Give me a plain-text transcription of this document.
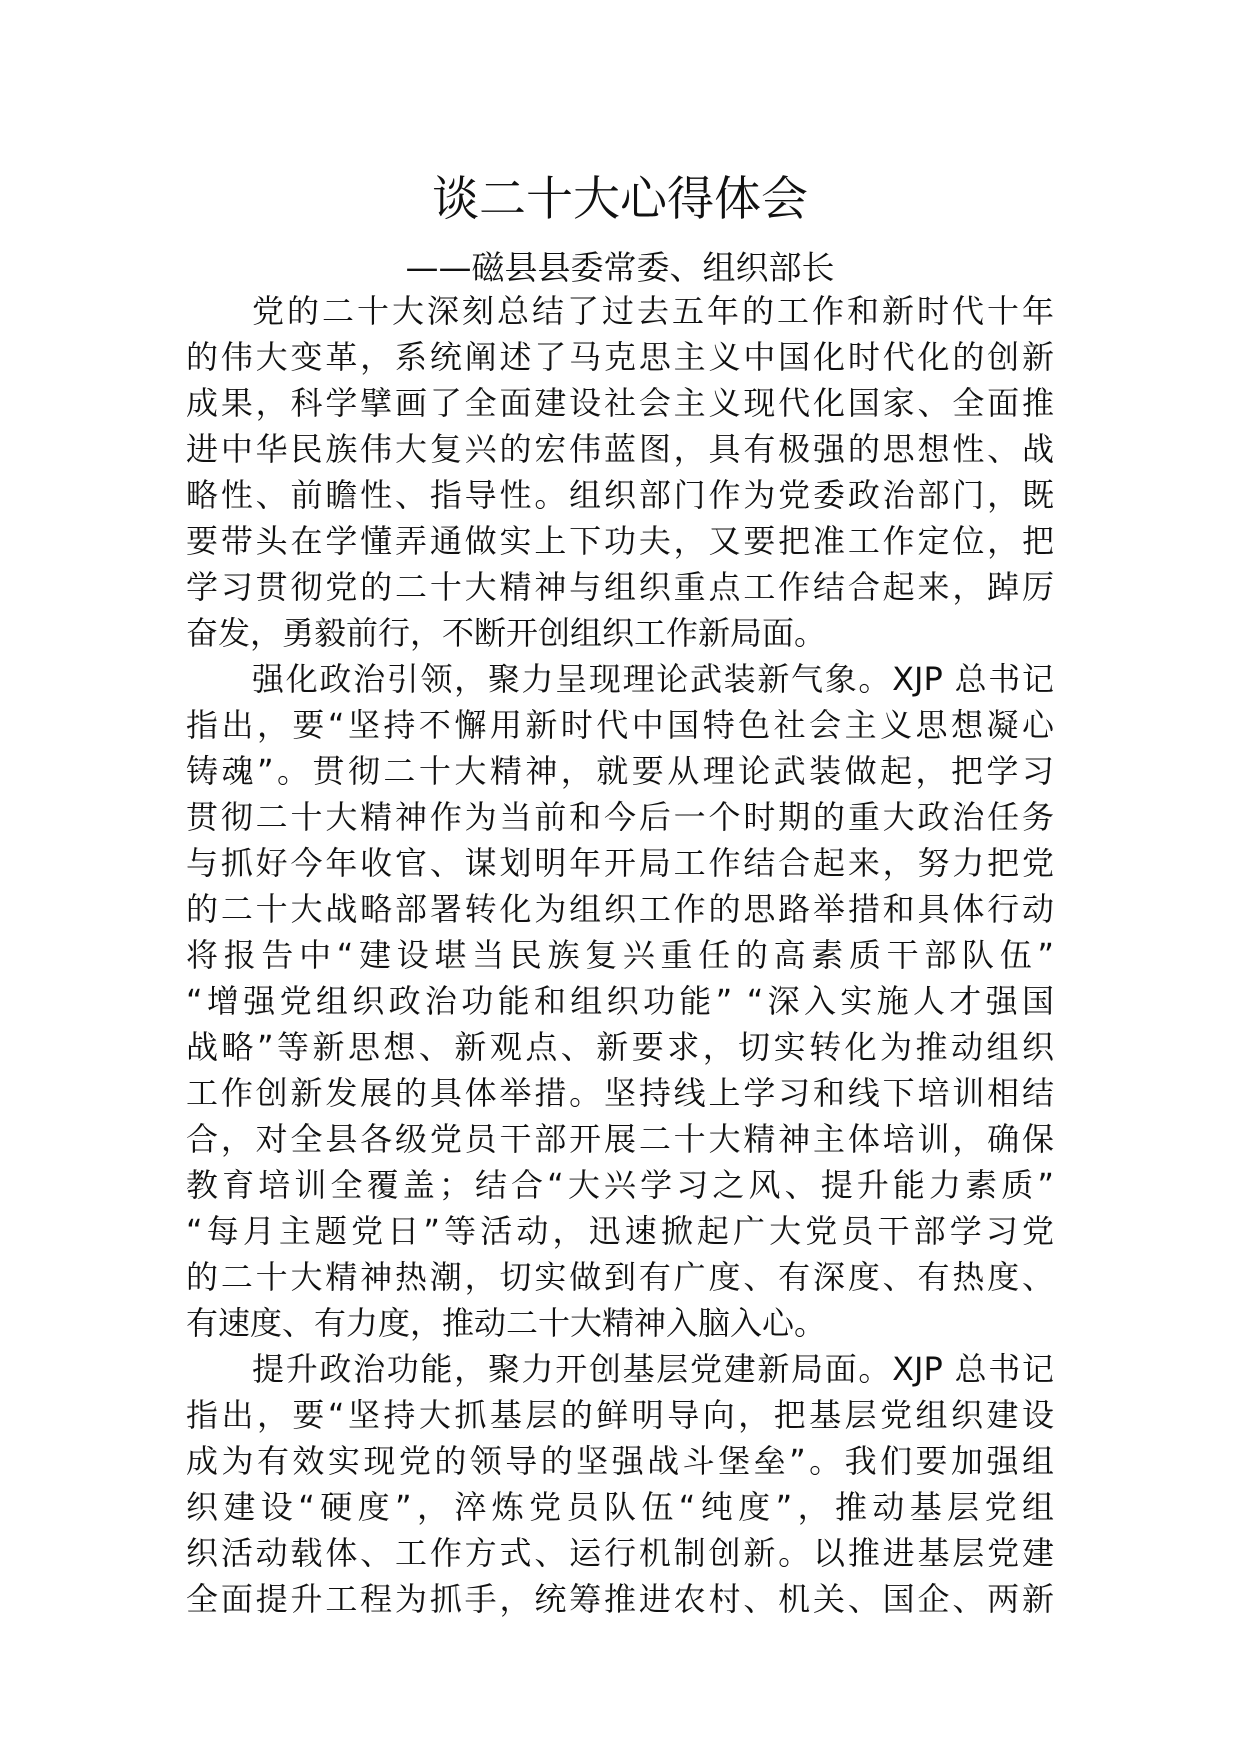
谈二十大心得体会
——磁县县委常委、组织部长
党的二十大深刻总结了过去五年的工作和新时代十年
的伟大变革，系统阐述了马克思主义中国化时代化的创新
成果，科学擘画了全面建设社会主义现代化国家、全面推
进中华民族伟大复兴的宏伟蓝图，具有极强的思想性、战
略性、前瞻性、指导性。组织部门作为党委政治部门，既
要带头在学懂弄通做实上下功夫，又要把准工作定位，把
学习贯彻党的二十大精神与组织重点工作结合起来，踔厉
奋发，勇毅前行，不断开创组织工作新局面。
强化政治引领，聚力呈现理论武装新气象。XJP 总书记
指出，要“坚持不懈用新时代中国特色社会主义思想凝心
铸魂”。贯彻二十大精神，就要从理论武装做起，把学习
贯彻二十大精神作为当前和今后一个时期的重大政治任务
与抓好今年收官、谋划明年开局工作结合起来，努力把党
的二十大战略部署转化为组织工作的思路举措和具体行动
将报告中“建设堪当民族复兴重任的高素质干部队伍”
“增强党组织政治功能和组织功能” “深入实施人才强国
战略”等新思想、新观点、新要求，切实转化为推动组织
工作创新发展的具体举措。坚持线上学习和线下培训相结
合，对全县各级党员干部开展二十大精神主体培训，确保
教育培训全覆盖；结合“大兴学习之风、提升能力素质”
“每月主题党日”等活动，迅速掀起广大党员干部学习党
的二十大精神热潮，切实做到有广度、有深度、有热度、
有速度、有力度，推动二十大精神入脑入心。
提升政治功能，聚力开创基层党建新局面。XJP 总书记
指出，要“坚持大抓基层的鲜明导向，把基层党组织建设
成为有效实现党的领导的坚强战斗堡垒”。我们要加强组
织建设“硬度”，淬炼党员队伍“纯度”，推动基层党组
织活动载体、工作方式、运行机制创新。以推进基层党建
全面提升工程为抓手，统筹推进农村、机关、国企、两新
